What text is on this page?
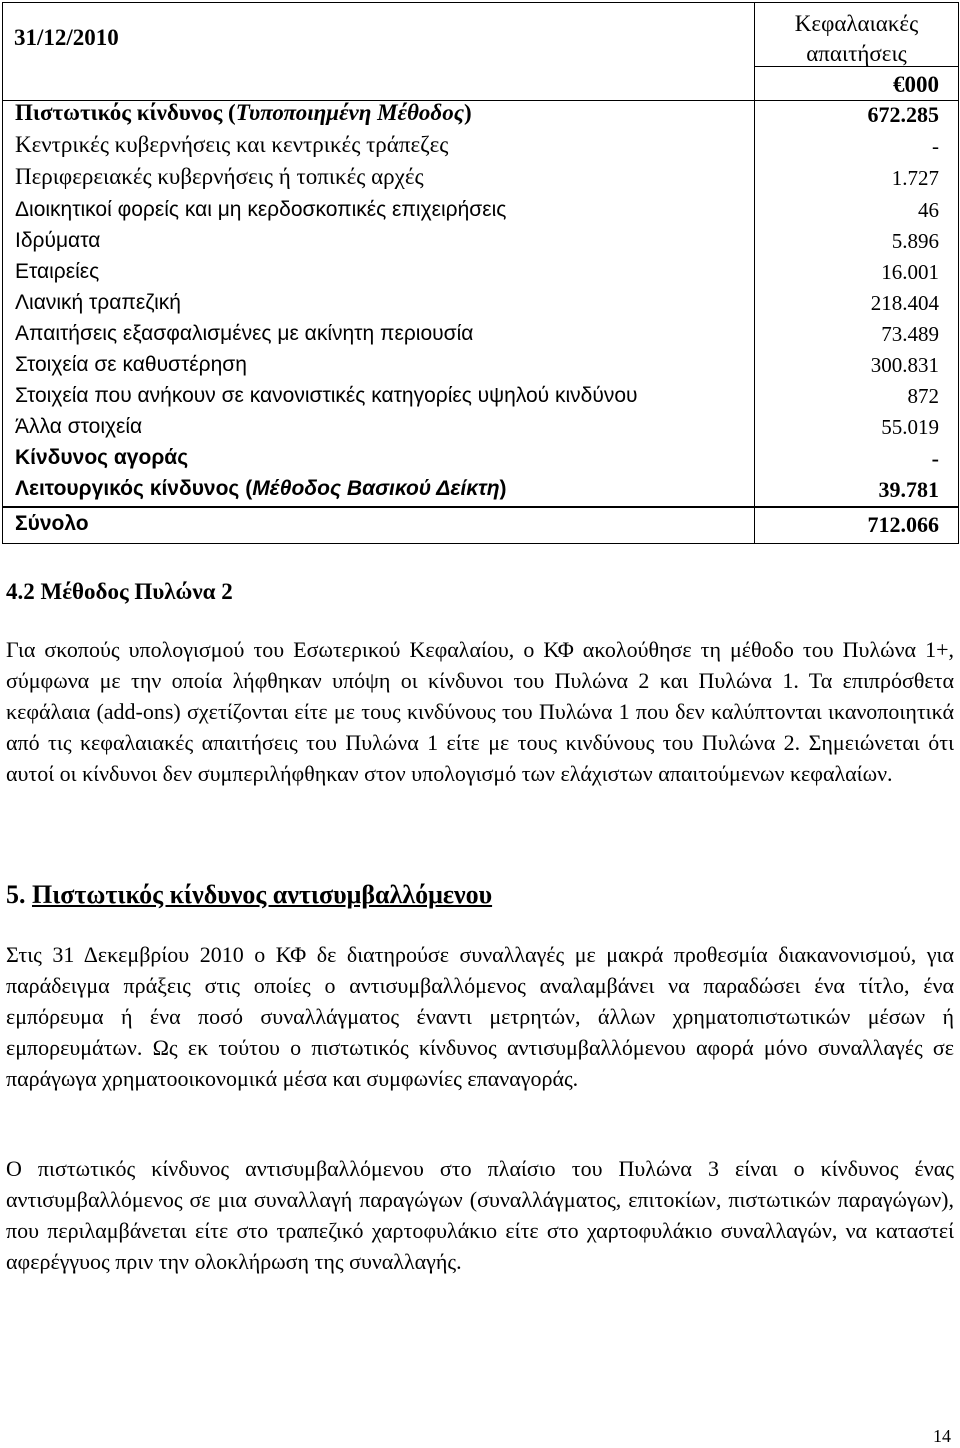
31/12/2010
Κεφαλαιακές
απαιτήσεις
€000
Πιστωτικός κίνδυνος (Τυποποιημένη Μέθοδος)	672.285
Κεντρικές κυβερνήσεις και κεντρικές τράπεζες	-
Περιφερειακές κυβερνήσεις ή τοπικές αρχές	1.727
Διοικητικοί φορείς και μη κερδοσκοπικές επιχειρήσεις	46
Ιδρύματα	5.896
Εταιρείες	16.001
Λιανική τραπεζική	218.404
Απαιτήσεις εξασφαλισμένες με ακίνητη περιουσία	73.489
Στοιχεία σε καθυστέρηση	300.831
Στοιχεία που ανήκουν σε κανονιστικές κατηγορίες υψηλού κινδύνου	872
Άλλα στοιχεία	55.019
Κίνδυνος αγοράς	-
Λειτουργικός κίνδυνος (Μέθοδος Βασικού Δείκτη)	39.781
Σύνολο	712.066
4.2 Μέθοδος Πυλώνα 2
Για σκοπούς υπολογισμού του Εσωτερικού Κεφαλαίου, ο ΚΦ ακολούθησε τη μέθοδο του Πυλώνα 1+, σύμφωνα με την οποία λήφθηκαν υπόψη οι κίνδυνοι του Πυλώνα 2 και Πυλώνα 1. Τα επιπρόσθετα κεφάλαια (add-ons) σχετίζονται είτε με τους κινδύνους του Πυλώνα 1 που δεν καλύπτονται ικανοποιητικά από τις κεφαλαιακές απαιτήσεις του Πυλώνα 1 είτε με τους κινδύνους του Πυλώνα 2. Σημειώνεται ότι αυτοί οι κίνδυνοι δεν συμπεριλήφθηκαν στον υπολογισμό των ελάχιστων απαιτούμενων κεφαλαίων.
5. Πιστωτικός κίνδυνος αντισυμβαλλόμενου
Στις 31 Δεκεμβρίου 2010 ο ΚΦ δε διατηρούσε συναλλαγές με μακρά προθεσμία διακανονισμού, για παράδειγμα πράξεις στις οποίες ο αντισυμβαλλόμενος αναλαμβάνει να παραδώσει ένα τίτλο, ένα εμπόρευμα ή ένα ποσό συναλλάγματος έναντι μετρητών, άλλων χρηματοπιστωτικών μέσων ή εμπορευμάτων. Ως εκ τούτου ο πιστωτικός κίνδυνος αντισυμβαλλόμενου αφορά μόνο συναλλαγές σε παράγωγα χρηματοοικονομικά μέσα και συμφωνίες επαναγοράς.
Ο πιστωτικός κίνδυνος αντισυμβαλλόμενου στο πλαίσιο του Πυλώνα 3 είναι ο κίνδυνος ένας αντισυμβαλλόμενος σε μια συναλλαγή παραγώγων (συναλλάγματος, επιτοκίων, πιστωτικών παραγώγων), που περιλαμβάνεται είτε στο τραπεζικό χαρτοφυλάκιο είτε στο χαρτοφυλάκιο συναλλαγών, να καταστεί αφερέγγυος πριν την ολοκλήρωση της συναλλαγής.
14
